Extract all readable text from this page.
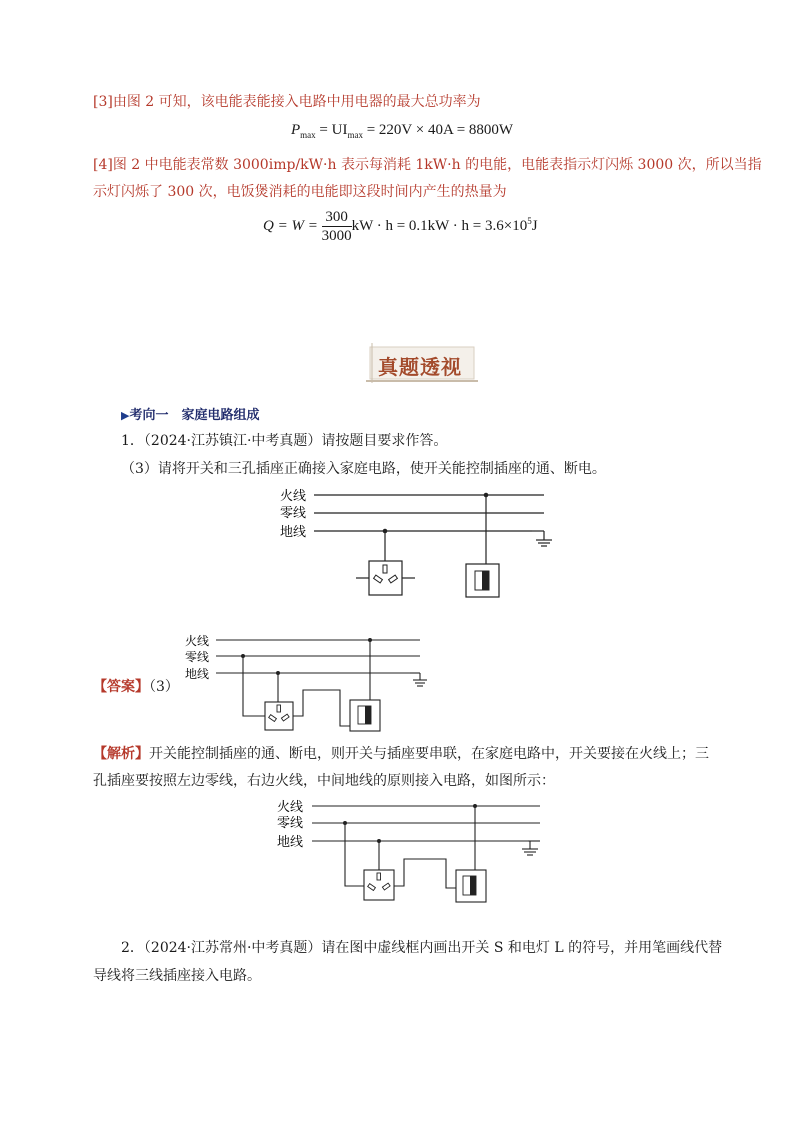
[3]由图 2 可知，该电能表能接入电路中用电器的最大总功率为
$P_{max} = UI_{max} = 220V \times 40A = 8800W$
[4]图 2 中电能表常数 3000imp/kW·h 表示每消耗 1kW·h 的电能，电能表指示灯闪烁 3000 次，所以当指
示灯闪烁了 300 次，电饭煲消耗的电能即这段时间内产生的热量为
$Q = W = \frac{300}{3000}$ kW · $h = 0.1kW \cdot h = 3.6\times 10^5J$
真题透视
▶考向一　家庭电路组成
1．（2024·江苏镇江·中考真题）请按题目要求作答。
（3）请将开关和三孔插座正确接入家庭电路，使开关能控制插座的通、断电。
火线
零线
地线
【答案】（3）
火线
零线
地线
【解析】开关能控制插座的通、断电，则开关与插座要串联，在家庭电路中，开关要接在火线上；三
孔插座要按照左边零线，右边火线，中间地线的原则接入电路，如图所示：
火线
零线
地线
2．（2024·江苏常州·中考真题）请在图中虚线框内画出开关 S 和电灯 L 的符号，并用笔画线代替
导线将三线插座接入电路。
